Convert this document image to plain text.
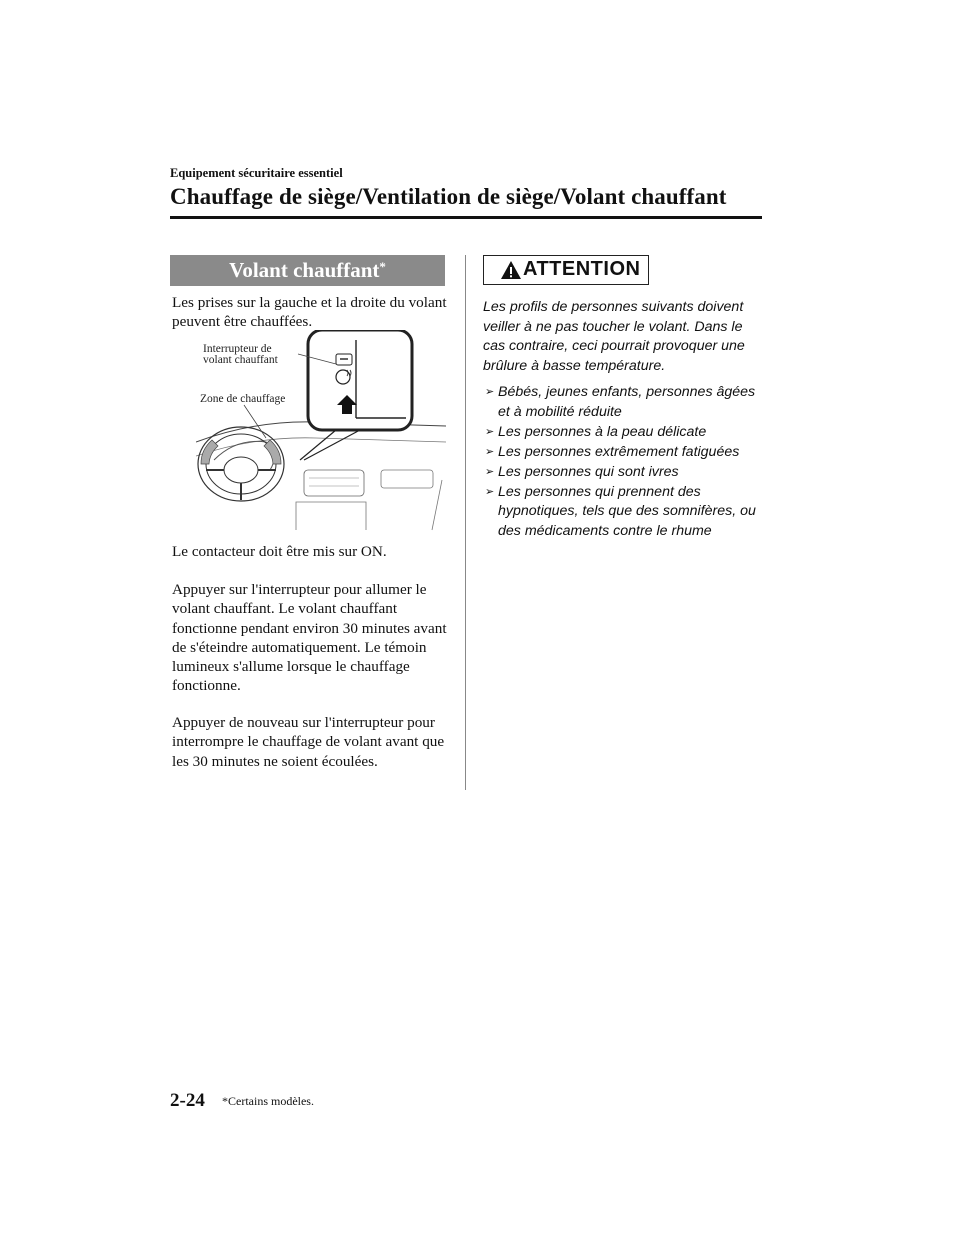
Equipement sécuritaire essentiel
Chauffage de siège/Ventilation de siège/Volant chauffant
Volant chauffant*
Les prises sur la gauche et la droite du volant peuvent être chauffées.
Interrupteur de
volant chauffant
Zone de chauffage
Le contacteur doit être mis sur ON.
Appuyer sur l'interrupteur pour allumer le volant chauffant. Le volant chauffant fonctionne pendant environ 30 minutes avant de s'éteindre automatiquement. Le témoin lumineux s'allume lorsque le chauffage fonctionne.
Appuyer de nouveau sur l'interrupteur pour interrompre le chauffage de volant avant que les 30 minutes ne soient écoulées.
ATTENTION
Les profils de personnes suivants doivent veiller à ne pas toucher le volant. Dans le cas contraire, ceci pourrait provoquer une brûlure à basse température.
➢ Bébés, jeunes enfants, personnes âgées et à mobilité réduite
➢ Les personnes à la peau délicate
➢ Les personnes extrêmement fatiguées
➢ Les personnes qui sont ivres
➢ Les personnes qui prennent des hypnotiques, tels que des somnifères, ou des médicaments contre le rhume
2-24 *Certains modèles.
